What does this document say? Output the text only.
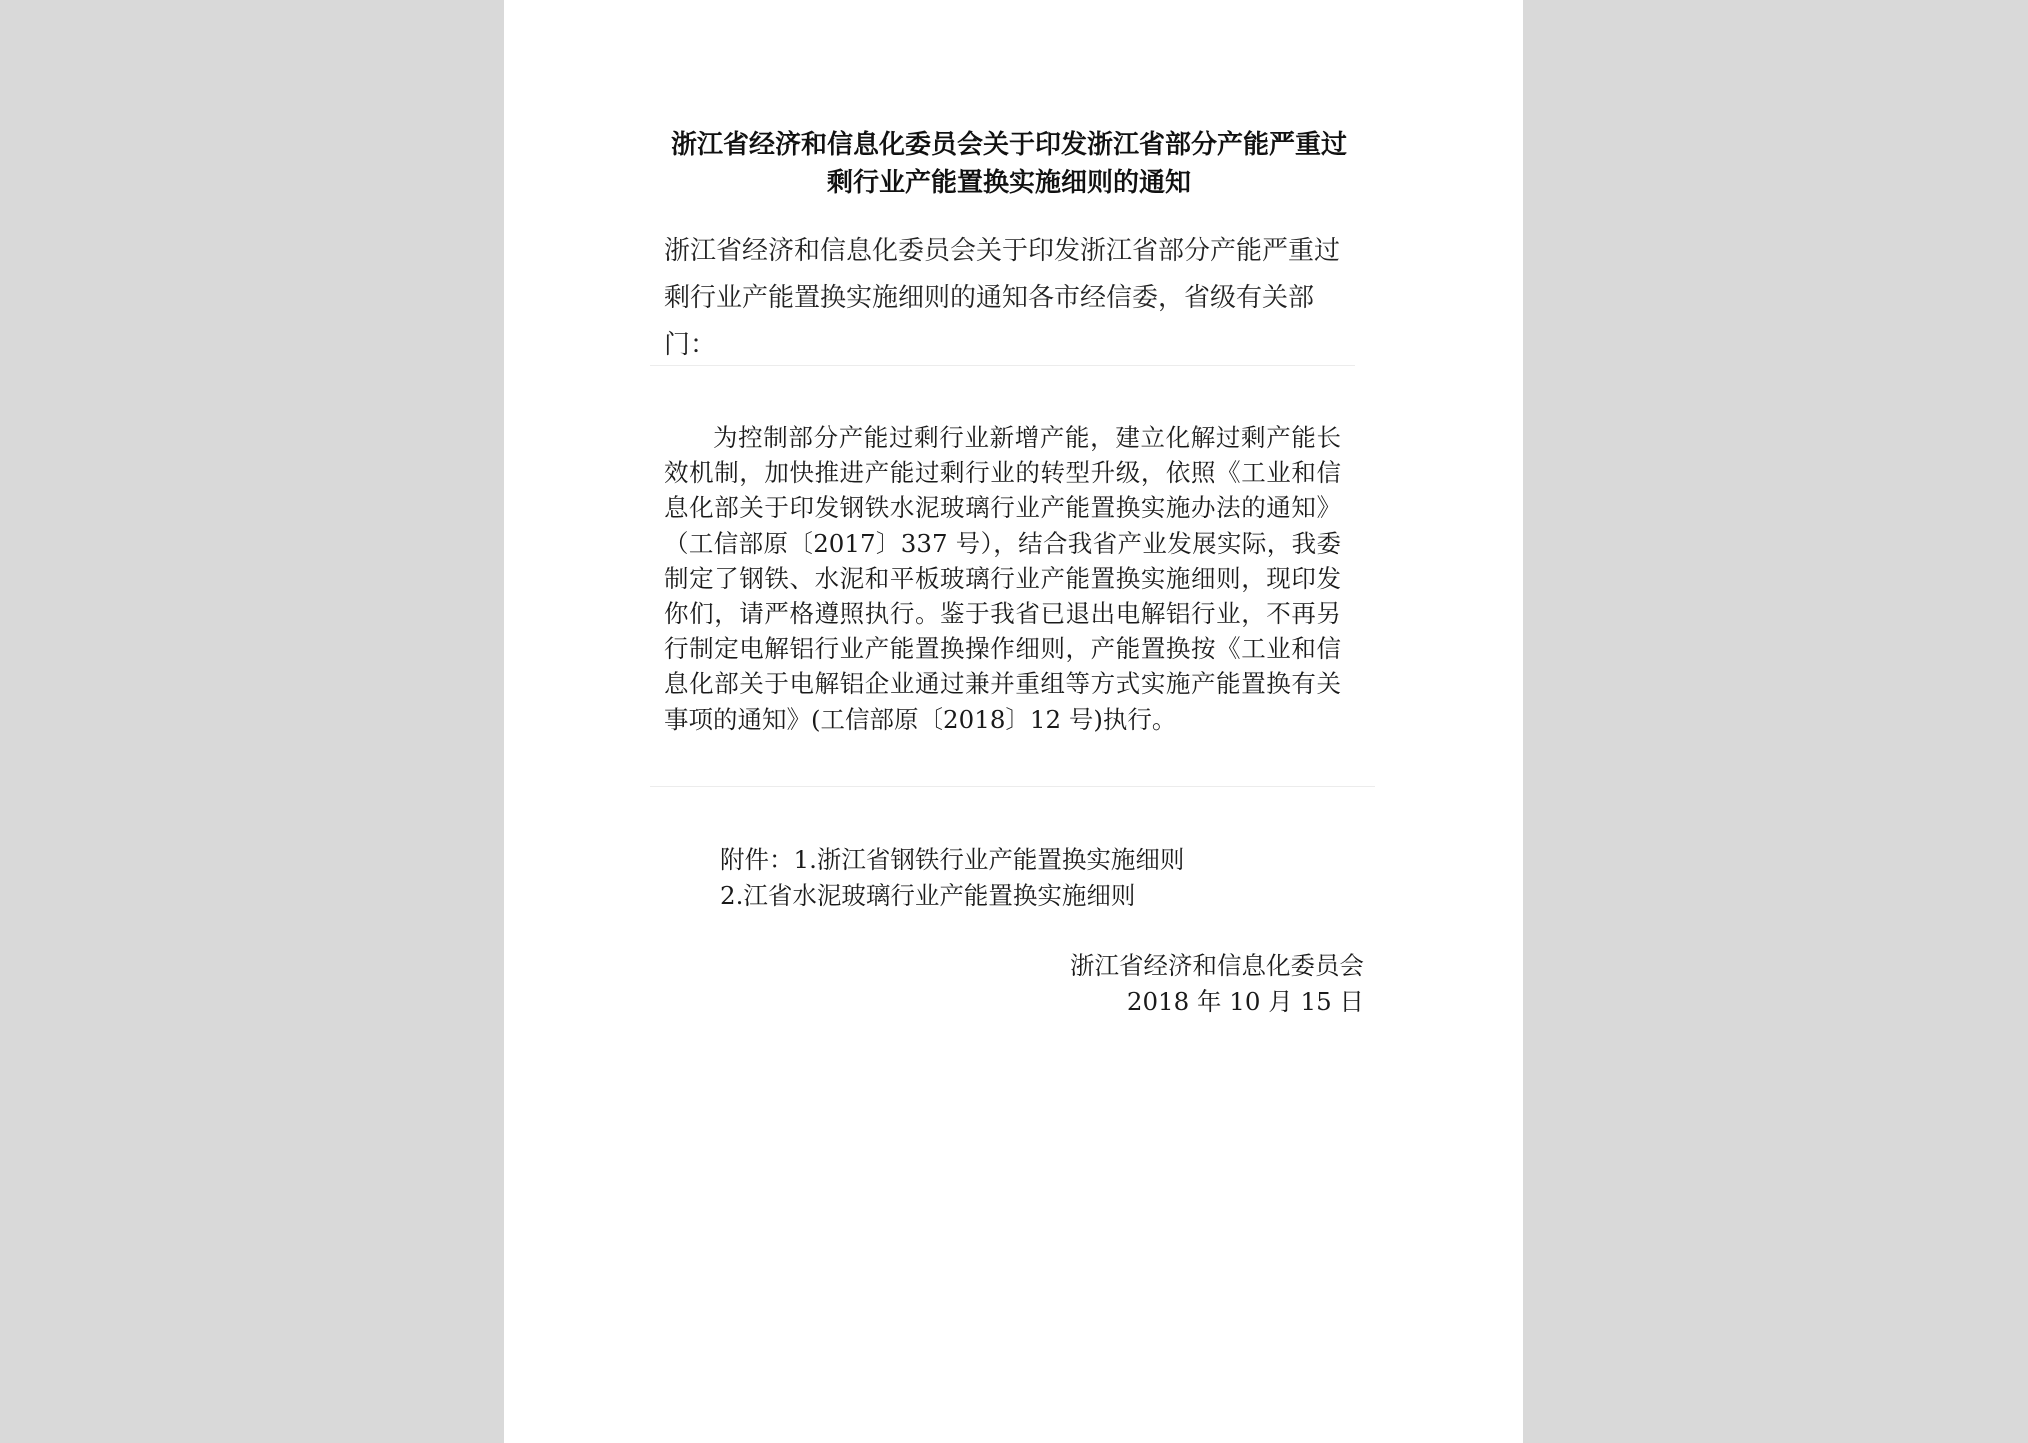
浙江省经济和信息化委员会关于印发浙江省部分产能严重过剩行业产能置换实施细则的通知

浙江省经济和信息化委员会关于印发浙江省部分产能严重过剩行业产能置换实施细则的通知各市经信委，省级有关部门：

为控制部分产能过剩行业新增产能，建立化解过剩产能长效机制，加快推进产能过剩行业的转型升级，依照《工业和信息化部关于印发钢铁水泥玻璃行业产能置换实施办法的通知》（工信部原〔2017〕337 号），结合我省产业发展实际，我委制定了钢铁、水泥和平板玻璃行业产能置换实施细则，现印发你们，请严格遵照执行。鉴于我省已退出电解铝行业，不再另行制定电解铝行业产能置换操作细则，产能置换按《工业和信息化部关于电解铝企业通过兼并重组等方式实施产能置换有关事项的通知》(工信部原〔2018〕12 号)执行。

附件：1.浙江省钢铁行业产能置换实施细则
2.江省水泥玻璃行业产能置换实施细则
浙江省经济和信息化委员会
2018 年 10 月 15 日
